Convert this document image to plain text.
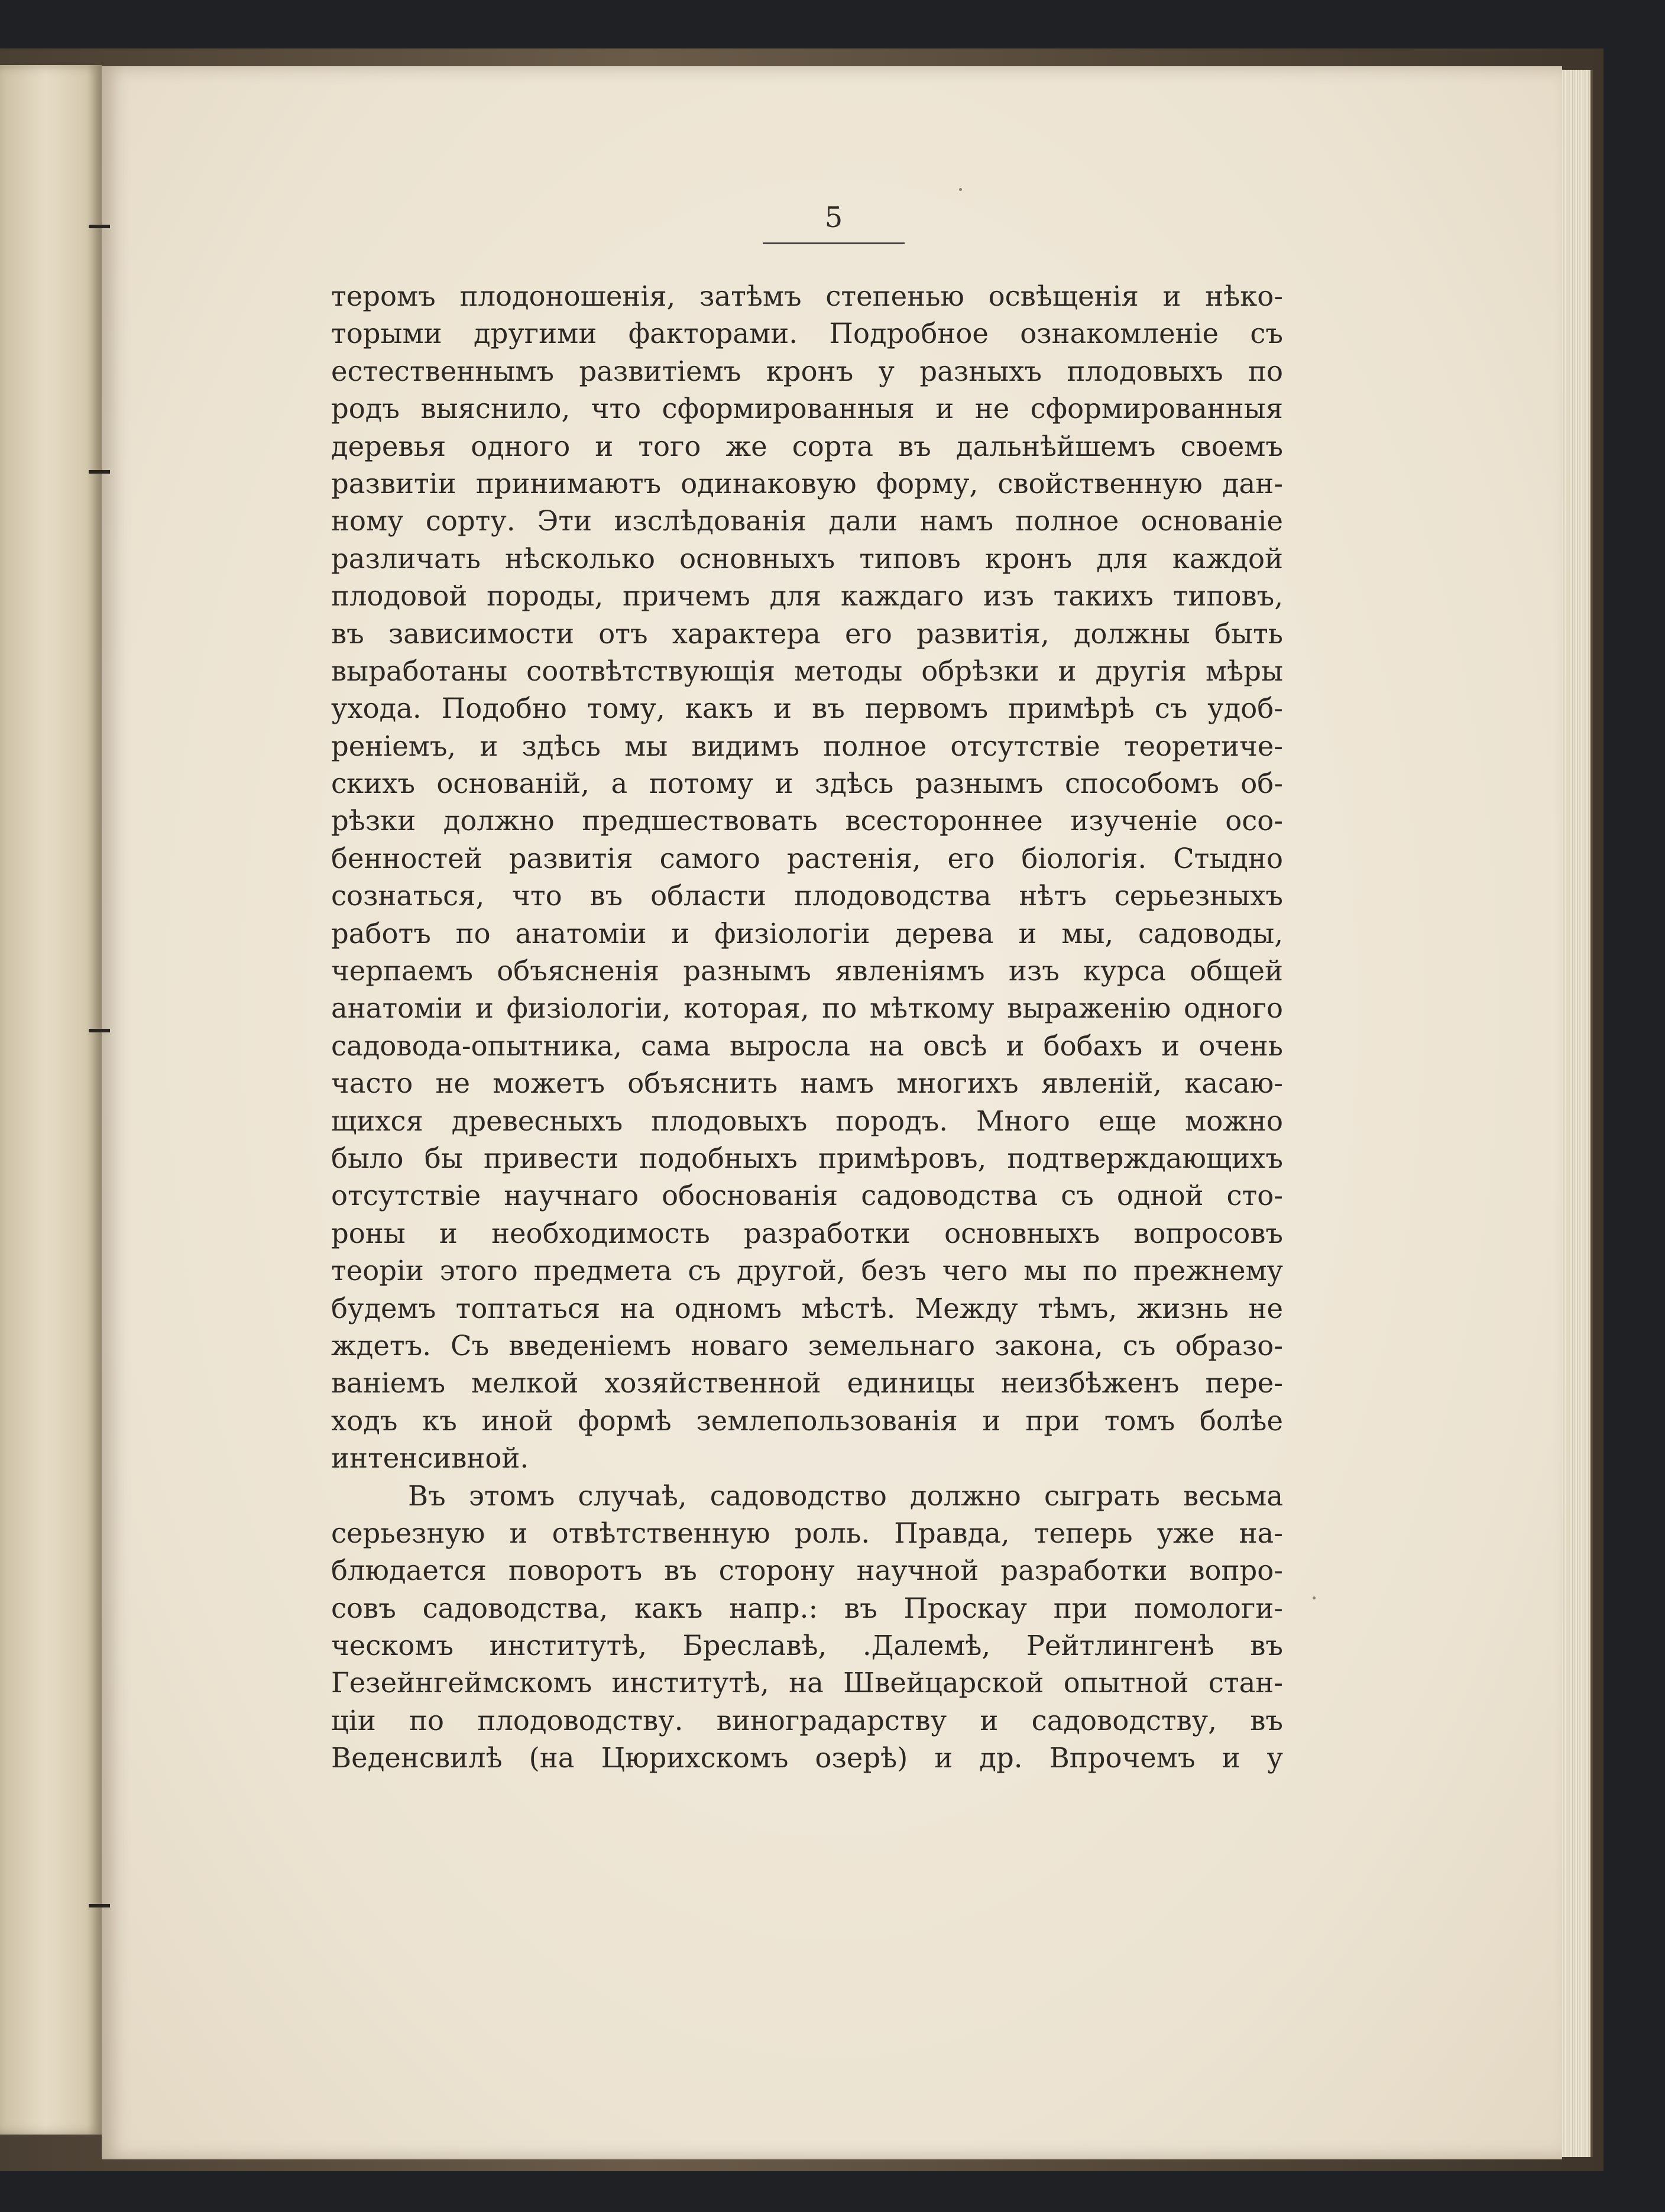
5
теромъ плодоношенія, затѣмъ степенью освѣщенія и нѣко-
торыми другими факторами. Подробное ознакомленіе съ
естественнымъ развитіемъ кронъ у разныхъ плодовыхъ по
родъ выяснило, что сформированныя и не сформированныя
деревья одного и того же сорта въ дальнѣйшемъ своемъ
развитіи принимаютъ одинаковую форму, свойственную дан-
ному сорту. Эти изслѣдованія дали намъ полное основаніе
различать нѣсколько основныхъ типовъ кронъ для каждой
плодовой породы, причемъ для каждаго изъ такихъ типовъ,
въ зависимости отъ характера его развитія, должны быть
выработаны соотвѣтствующія методы обрѣзки и другія мѣры
ухода. Подобно тому, какъ и въ первомъ примѣрѣ съ удоб-
реніемъ, и здѣсь мы видимъ полное отсутствіе теоретиче-
скихъ основаній, а потому и здѣсь разнымъ способомъ об-
рѣзки должно предшествовать всестороннее изученіе осо-
бенностей развитія самого растенія, его біологія. Стыдно
сознаться, что въ области плодоводства нѣтъ серьезныхъ
работъ по анатоміи и физіологіи дерева и мы, садоводы,
черпаемъ объясненія разнымъ явленіямъ изъ курса общей
анатоміи и физіологіи, которая, по мѣткому выраженію одного
садовода-опытника, сама выросла на овсѣ и бобахъ и очень
часто не можетъ объяснить намъ многихъ явленій, касаю-
щихся древесныхъ плодовыхъ породъ. Много еще можно
было бы привести подобныхъ примѣровъ, подтверждающихъ
отсутствіе научнаго обоснованія садоводства съ одной сто-
роны и необходимость разработки основныхъ вопросовъ
теоріи этого предмета съ другой, безъ чего мы по прежнему
будемъ топтаться на одномъ мѣстѣ. Между тѣмъ, жизнь не
ждетъ. Съ введеніемъ новаго земельнаго закона, съ образо-
ваніемъ мелкой хозяйственной единицы неизбѣженъ пере-
ходъ къ иной формѣ землепользованія и при томъ болѣе
интенсивной.
Въ этомъ случаѣ, садоводство должно сыграть весьма
серьезную и отвѣтственную роль. Правда, теперь уже на-
блюдается поворотъ въ сторону научной разработки вопро-
совъ садоводства, какъ напр.: въ Проскау при помологи-
ческомъ институтѣ, Бреславѣ, .Далемѣ, Рейтлингенѣ въ
Гезейнгеймскомъ институтѣ, на Швейцарской опытной стан-
ціи по плодоводству. виноградарству и садоводству, въ
Веденсвилѣ (на Цюрихскомъ озерѣ) и др. Впрочемъ и у
